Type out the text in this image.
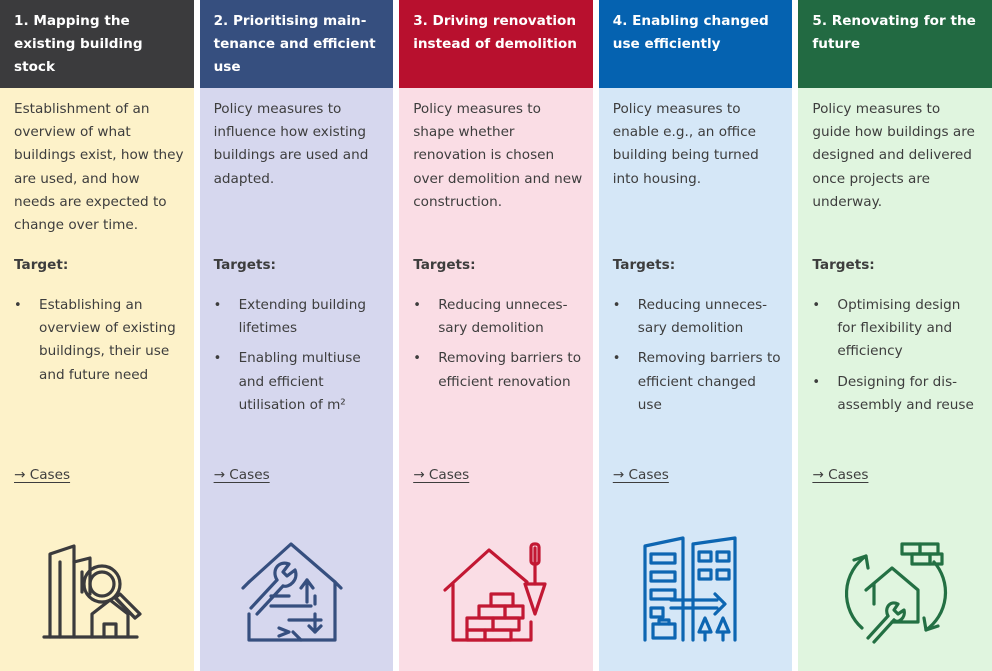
1. Mapping the existing building stock
Establishment of an overview of what buildings exist, how they are used, and how needs are expected to change over time.
Target:
• Establishing an overview of existing buildings, their use and future need
→ Cases
2. Prioritising main-tenance and efficient use
Policy measures to influence how existing buildings are used and adapted.
Targets:
• Extending building lifetimes
• Enabling multiuse and efficient utilisation of m²
→ Cases
3. Driving renovation instead of demolition
Policy measures to shape whether renovation is chosen over demolition and new construction.
Targets:
• Reducing unneces-sary demolition
• Removing barriers to efficient renovation
→ Cases
4. Enabling changed use efficiently
Policy measures to enable e.g., an office building being turned into housing.
Targets:
• Reducing unneces-sary demolition
• Removing barriers to efficient changed use
→ Cases
5. Renovating for the future
Policy measures to guide how buildings are designed and delivered once projects are underway.
Targets:
• Optimising design for flexibility and efficiency
• Designing for dis-assembly and reuse
→ Cases
